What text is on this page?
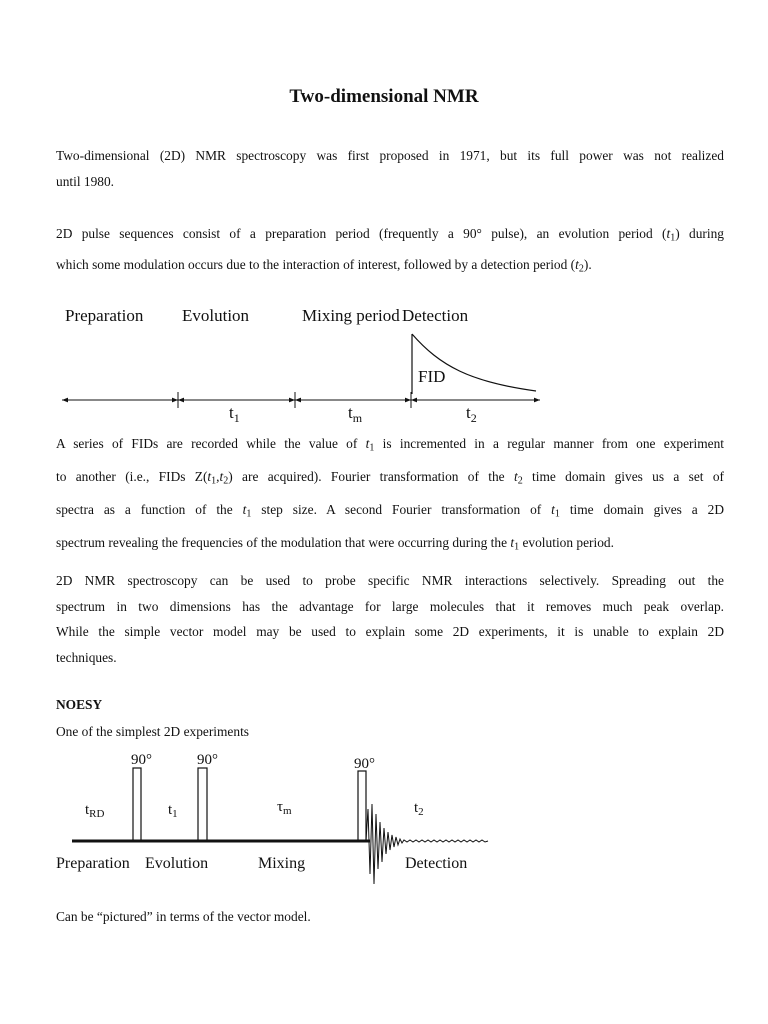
Two-dimensional NMR
Two-dimensional (2D) NMR spectroscopy was first proposed in 1971, but its full power was not realized
until 1980.
2D pulse sequences consist of a preparation period (frequently a 90° pulse), an evolution period $(t_1)$ during
which some modulation occurs due to the interaction of interest, followed by a detection period $(t_2)$.
Preparation Evolution	Mixing period Detection
FID
$t_1$	$t_m$	$t_2$
A series of FIDs are recorded while the value of $t_1$ is incremented in a regular manner from one experiment
to another (i.e., FIDs $Z(t_1,t_2)$ are acquired). Fourier transformation of the $t_2$ time domain gives us a set of
spectra as a function of the $t_1$ step size. A second Fourier transformation of $t_1$ time domain gives a 2D
spectrum revealing the frequencies of the modulation that were occurring during the $t_1$ evolution period.
2D NMR spectroscopy can be used to probe specific NMR interactions selectively. Spreading out the
spectrum in two dimensions has the advantage for large molecules that it removes much peak overlap.
While the simple vector model may be used to explain some 2D experiments, it is unable to explain 2D
techniques.
NOESY
One of the simplest 2D experiments
90°	90°	90°
$t_{RD}$	$t_1$	$\tau_m$	$t_2$
Preparation Evolution	Mixing	Detection
Can be “pictured” in terms of the vector model.
